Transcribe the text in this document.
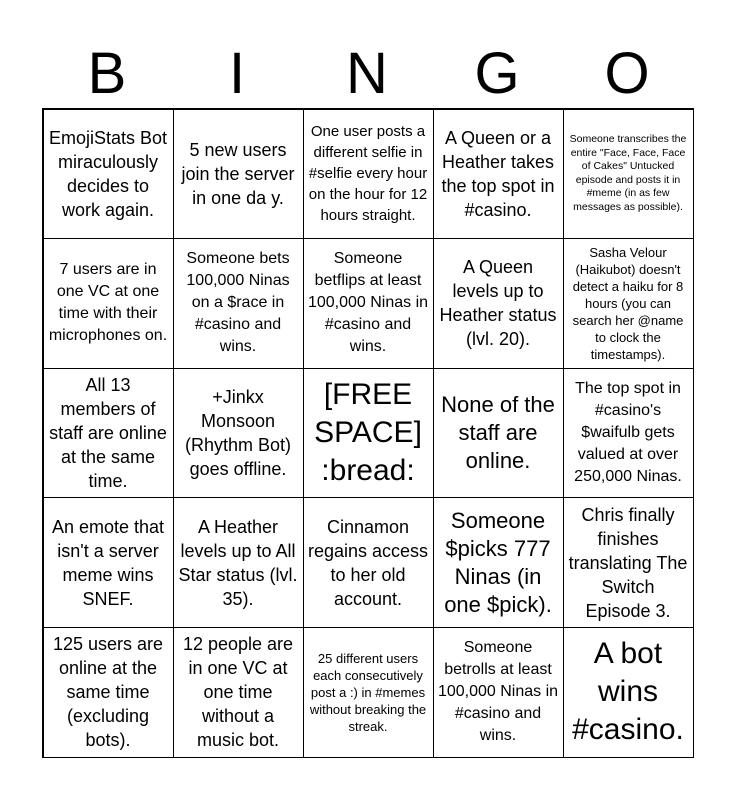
B	I	N	G	O
EmojiStats Bot miraculously decides to work again.
5 new users join the server in one da y.
One user posts a different selfie in #selfie every hour on the hour for 12 hours straight.
A Queen or a Heather takes the top spot in #casino.
Someone transcribes the entire "Face, Face, Face of Cakes" Untucked episode and posts it in #meme (in as few messages as possible).
7 users are in one VC at one time with their microphones on.
Someone bets 100,000 Ninas on a $race in #casino and wins.
Someone betflips at least 100,000 Ninas in #casino and wins.
A Queen levels up to Heather status (lvl. 20).
Sasha Velour (Haikubot) doesn't detect a haiku for 8 hours (you can search her @name to clock the timestamps).
All 13 members of staff are online at the same time.
+Jinkx Monsoon (Rhythm Bot) goes offline.
[FREE SPACE] :bread:
None of the staff are online.
The top spot in #casino's $waifulb gets valued at over 250,000 Ninas.
An emote that isn't a server meme wins SNEF.
A Heather levels up to All Star status (lvl. 35).
Cinnamon regains access to her old account.
Someone $picks 777 Ninas (in one $pick).
Chris finally finishes translating The Switch Episode 3.
125 users are online at the same time (excluding bots).
12 people are in one VC at one time without a music bot.
25 different users each consecutively post a :) in #memes without breaking the streak.
Someone betrolls at least 100,000 Ninas in #casino and wins.
A bot wins #casino.
